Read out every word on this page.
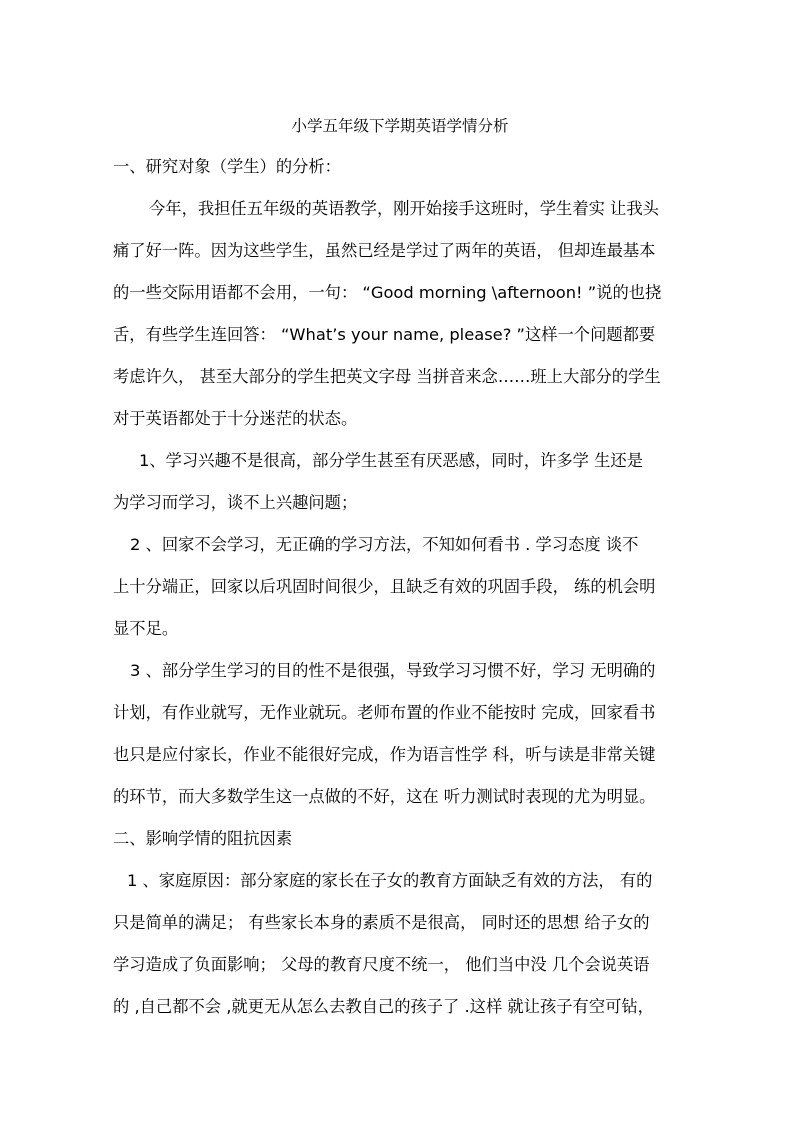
小学五年级下学期英语学情分析
一、研究对象（学生）的分析：
今年，我担任五年级的英语教学，刚开始接手这班时，学生着实 让我头
痛了好一阵。因为这些学生，虽然已经是学过了两年的英语， 但却连最基本
的一些交际用语都不会用，一句： “Good morning \afternoon! ”说的也挠
舌，有些学生连回答： “What’s your name, please? ”这样一个问题都要
考虑许久， 甚至大部分的学生把英文字母 当拼音来念……班上大部分的学生
对于英语都处于十分迷茫的状态。
1、学习兴趣不是很高，部分学生甚至有厌恶感，同时，许多学 生还是
为学习而学习，谈不上兴趣问题；
2 、回家不会学习，无正确的学习方法，不知如何看书 . 学习态度 谈不
上十分端正，回家以后巩固时间很少，且缺乏有效的巩固手段， 练的机会明
显不足。
3 、部分学生学习的目的性不是很强，导致学习习惯不好，学习 无明确的
计划，有作业就写，无作业就玩。老师布置的作业不能按时 完成，回家看书
也只是应付家长，作业不能很好完成，作为语言性学 科，听与读是非常关键
的环节，而大多数学生这一点做的不好，这在 听力测试时表现的尤为明显。
二、影响学情的阻抗因素
1 、家庭原因：部分家庭的家长在子女的教育方面缺乏有效的方法， 有的
只是简单的满足； 有些家长本身的素质不是很高， 同时还的思想 给子女的
学习造成了负面影响； 父母的教育尺度不统一， 他们当中没 几个会说英语
的 ,自己都不会 ,就更无从怎么去教自己的孩子了 .这样 就让孩子有空可钻，
